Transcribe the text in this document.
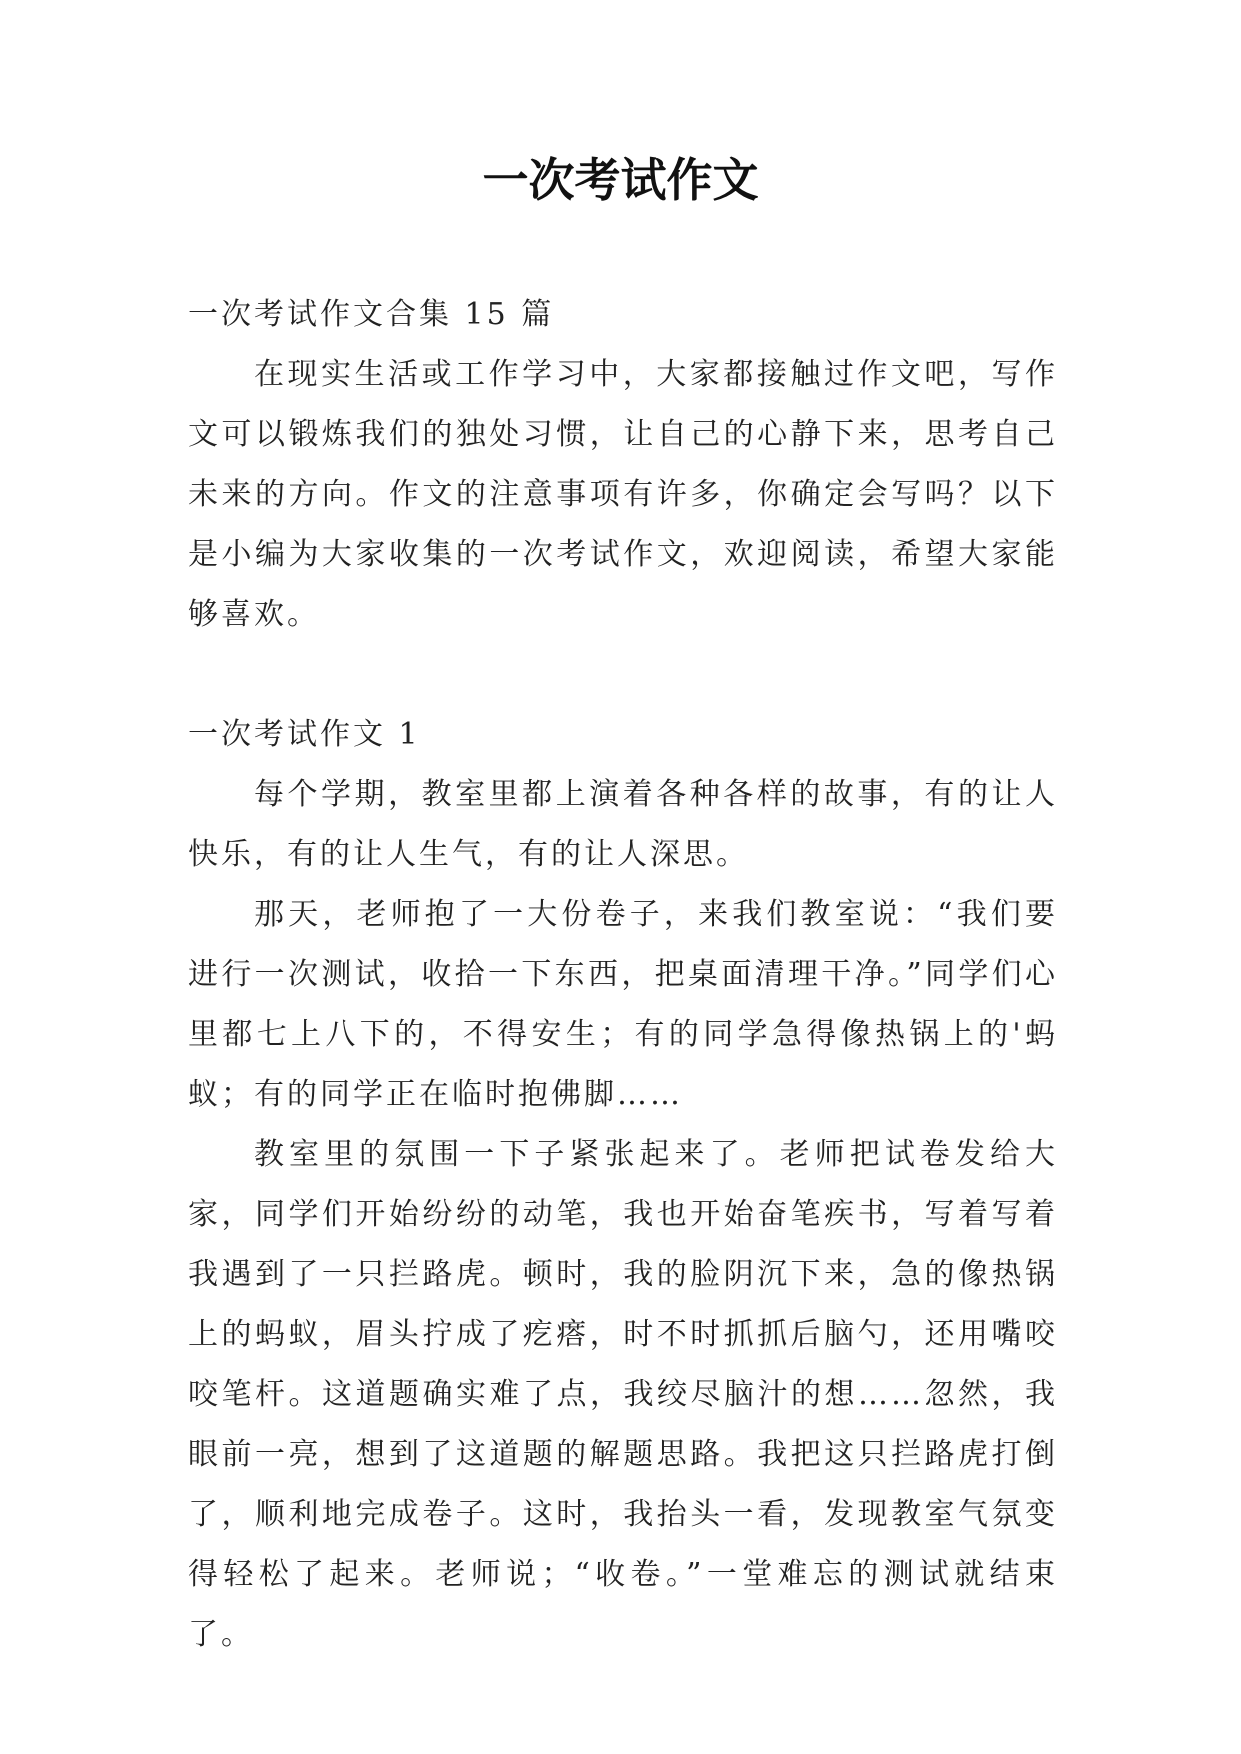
一次考试作文

一次考试作文合集 15 篇

在现实生活或工作学习中，大家都接触过作文吧，写作文可以锻炼我们的独处习惯，让自己的心静下来，思考自己未来的方向。作文的注意事项有许多，你确定会写吗？以下是小编为大家收集的一次考试作文，欢迎阅读，希望大家能够喜欢。

一次考试作文 1

每个学期，教室里都上演着各种各样的故事，有的让人快乐，有的让人生气，有的让人深思。

那天，老师抱了一大份卷子，来我们教室说：“我们要进行一次测试，收拾一下东西，把桌面清理干净。”同学们心里都七上八下的，不得安生；有的同学急得像热锅上的'蚂蚁；有的同学正在临时抱佛脚……

教室里的氛围一下子紧张起来了。老师把试卷发给大家，同学们开始纷纷的动笔，我也开始奋笔疾书，写着写着我遇到了一只拦路虎。顿时，我的脸阴沉下来，急的像热锅上的蚂蚁，眉头拧成了疙瘩，时不时抓抓后脑勺，还用嘴咬咬笔杆。这道题确实难了点，我绞尽脑汁的想……忽然，我眼前一亮，想到了这道题的解题思路。我把这只拦路虎打倒了，顺利地完成卷子。这时，我抬头一看，发现教室气氛变得轻松了起来。老师说；“收卷。”一堂难忘的测试就结束了。
